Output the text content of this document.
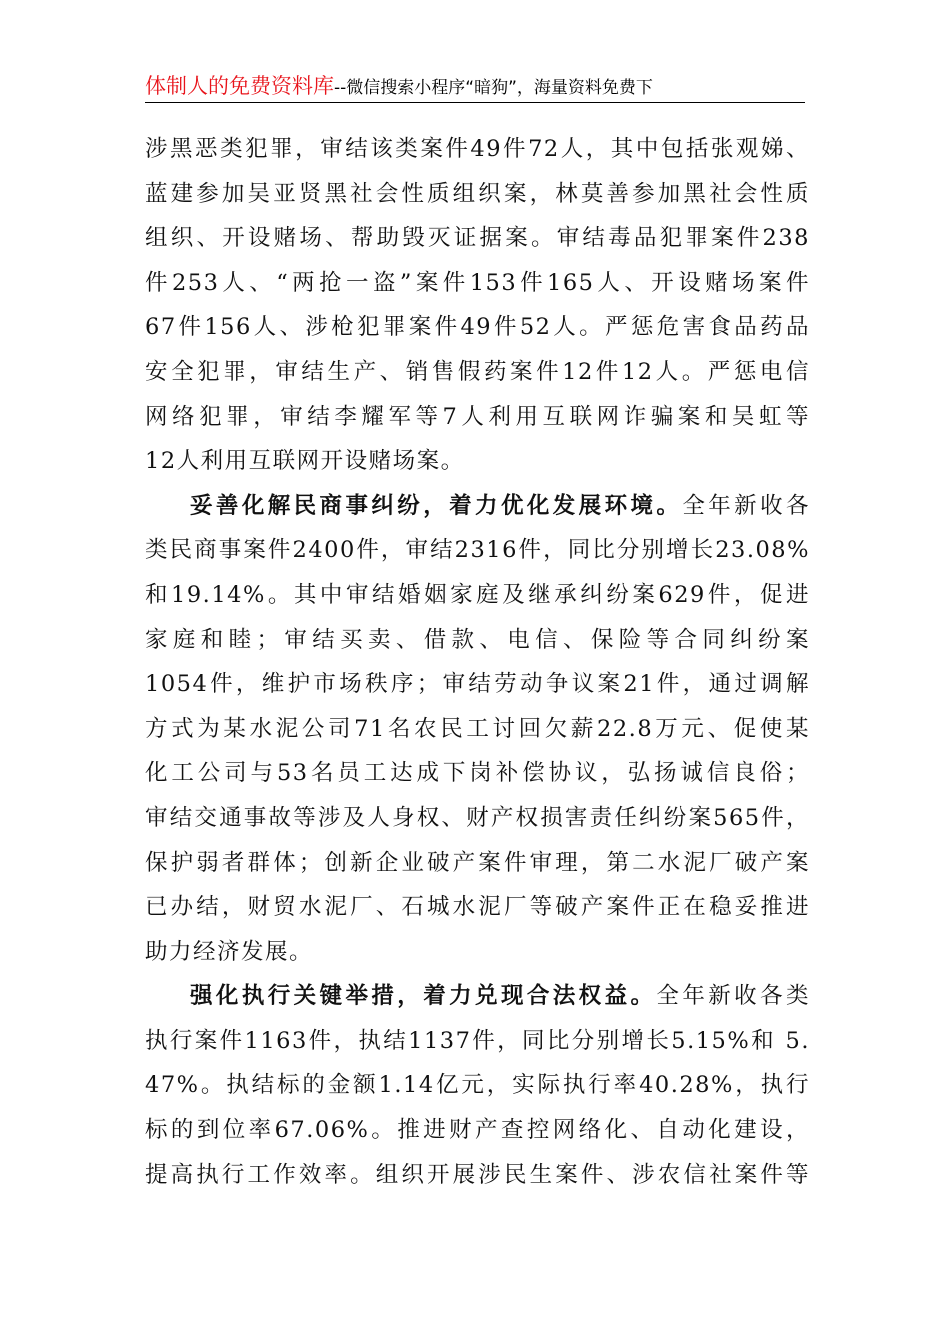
体制人的免费资料库--微信搜索小程序“暗狗”，海量资料免费下
涉黑恶类犯罪，审结该类案件49件72人，其中包括张观娣、
蓝建参加吴亚贤黑社会性质组织案，林莫善参加黑社会性质
组织、开设赌场、帮助毁灭证据案。审结毒品犯罪案件238
件253人、“两抢一盗”案件153件165人、开设赌场案件
67件156人、涉枪犯罪案件49件52人。严惩危害食品药品
安全犯罪，审结生产、销售假药案件12件12人。严惩电信
网络犯罪，审结李耀军等7人利用互联网诈骗案和吴虹等
12人利用互联网开设赌场案。
妥善化解民商事纠纷，着力优化发展环境。全年新收各
类民商事案件2400件，审结2316件，同比分别增长23.08%
和19.14%。其中审结婚姻家庭及继承纠纷案629件，促进
家庭和睦；审结买卖、借款、电信、保险等合同纠纷案
1054件，维护市场秩序；审结劳动争议案21件，通过调解
方式为某水泥公司71名农民工讨回欠薪22.8万元、促使某
化工公司与53名员工达成下岗补偿协议，弘扬诚信良俗；
审结交通事故等涉及人身权、财产权损害责任纠纷案565件，
保护弱者群体；创新企业破产案件审理，第二水泥厂破产案
已办结，财贸水泥厂、石城水泥厂等破产案件正在稳妥推进
助力经济发展。
强化执行关键举措，着力兑现合法权益。全年新收各类
执行案件1163件，执结1137件，同比分别增长5.15%和 5.
47%。执结标的金额1.14亿元，实际执行率40.28%，执行
标的到位率67.06%。推进财产查控网络化、自动化建设，
提高执行工作效率。组织开展涉民生案件、涉农信社案件等
